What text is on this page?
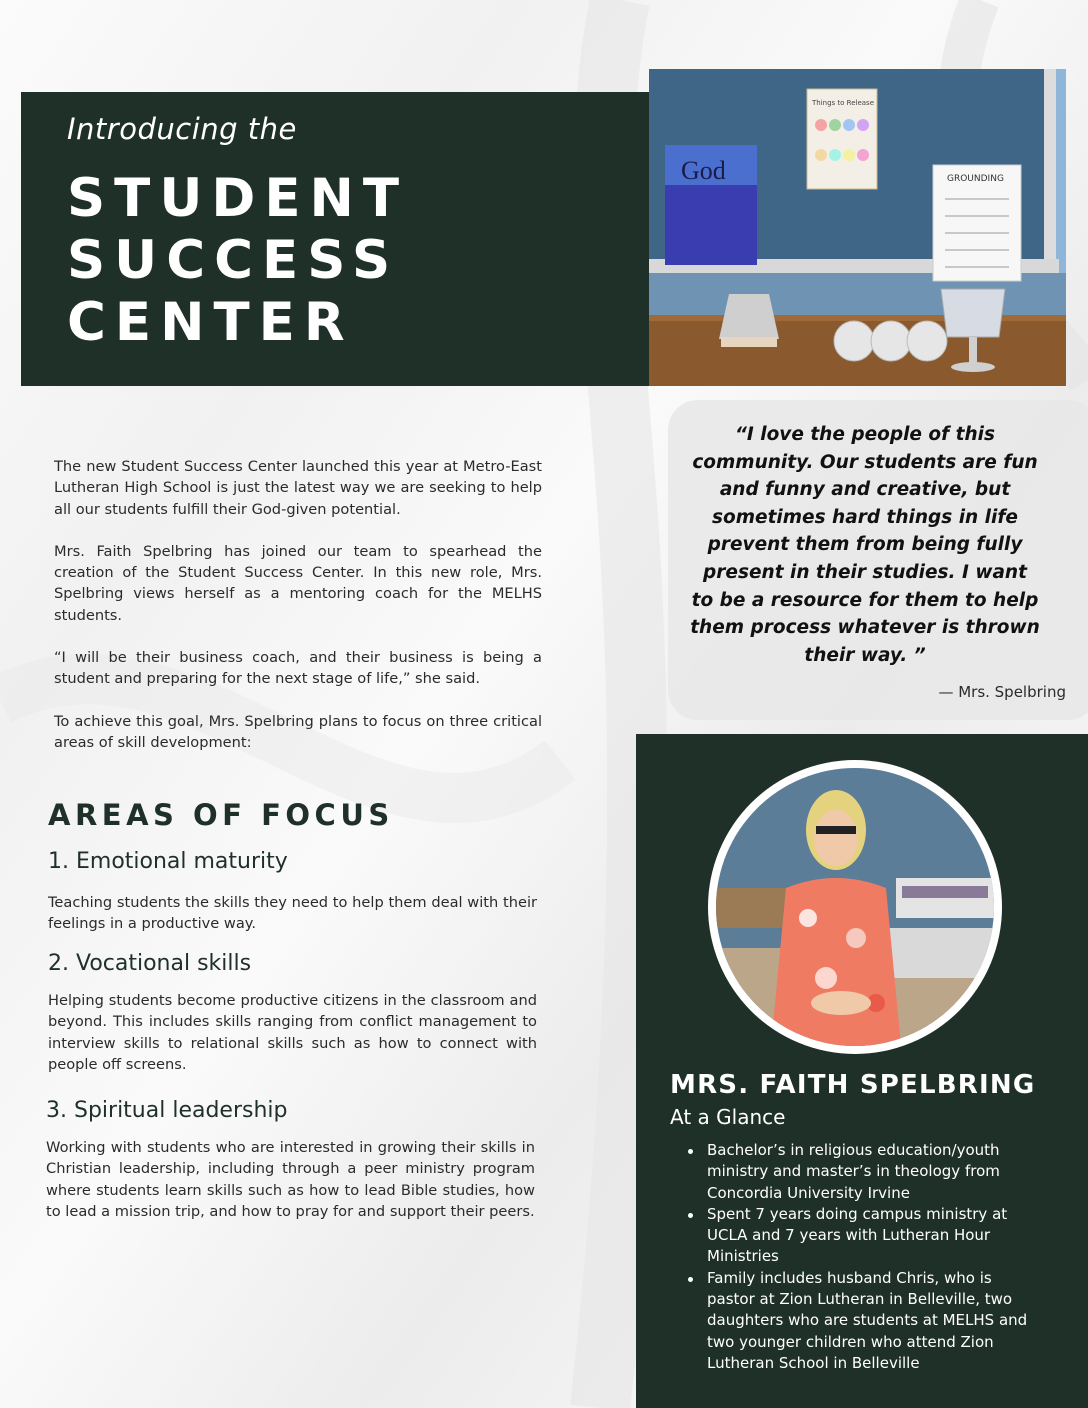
Introducing the
STUDENT
SUCCESS
CENTER
God
Things to Release
GROUNDING

The new Student Success Center launched this year at Metro-East Lutheran High School is just the latest way we are seeking to help all our students fulfill their God-given potential.

Mrs. Faith Spelbring has joined our team to spearhead the creation of the Student Success Center. In this new role, Mrs. Spelbring views herself as a mentoring coach for the MELHS students.

“I will be their business coach, and their business is being a student and preparing for the next stage of life,” she said.

To achieve this goal, Mrs. Spelbring plans to focus on three critical areas of skill development:

AREAS OF FOCUS
1. Emotional maturity
Teaching students the skills they need to help them deal with their feelings in a productive way.
2. Vocational skills
Helping students become productive citizens in the classroom and beyond. This includes skills ranging from conflict management to interview skills to relational skills such as how to connect with people off screens.
3. Spiritual leadership
Working with students who are interested in growing their skills in Christian leadership, including through a peer ministry program where students learn skills such as how to lead Bible studies, how to lead a mission trip, and how to pray for and support their peers.
“I love the people of this community. Our students are fun and funny and creative, but sometimes hard things in life prevent them from being fully present in their studies. I want to be a resource for them to help them process whatever is thrown their way. ”
— Mrs. Spelbring
MRS. FAITH SPELBRING
At a Glance
Bachelor’s in religious education/youth ministry and master’s in theology from Concordia University Irvine
Spent 7 years doing campus ministry at UCLA and 7 years with Lutheran Hour Ministries
Family includes husband Chris, who is pastor at Zion Lutheran in Belleville, two daughters who are students at MELHS and two younger children who attend Zion Lutheran School in Belleville
